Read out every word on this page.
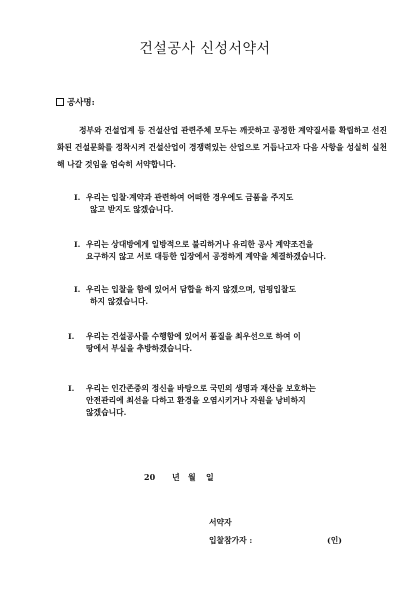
건설공사 신성서약서
공사명:
정부와 건설업계 등 건설산업 관련주체 모두는 깨끗하고 공정한 계약질서를 확립하고 선진화된 건설문화를 정착시켜 건설산업이 경쟁력있는 산업으로 거듭나고자 다음 사항을 성실히 실천해 나갈 것임을 엄숙히 서약합니다.
I. 우리는 입찰·계약과 관련하여 어떠한 경우에도 금품을 주지도
않고 받지도 않겠습니다.
I. 우리는 상대방에게 일방적으로 불리하거나 유리한 공사 계약조건을
요구하지 않고 서로 대등한 입장에서 공정하게 계약을 체결하겠습니다.
I. 우리는 입찰을 함에 있어서 담합을 하지 않겠으며, 덤핑입찰도
하지 않겠습니다.
I.	우리는 건설공사를 수행함에 있어서 품질을 최우선으로 하여 이
땅에서 부실을 추방하겠습니다.
I.	우리는 인간존중의 정신을 바탕으로 국민의 생명과 재산을 보호하는
안전관리에 최선을 다하고 환경을 오염시키거나 자원을 낭비하지
않겠습니다.
20	년	월	일
서약자
입찰참가자 :	(인)
